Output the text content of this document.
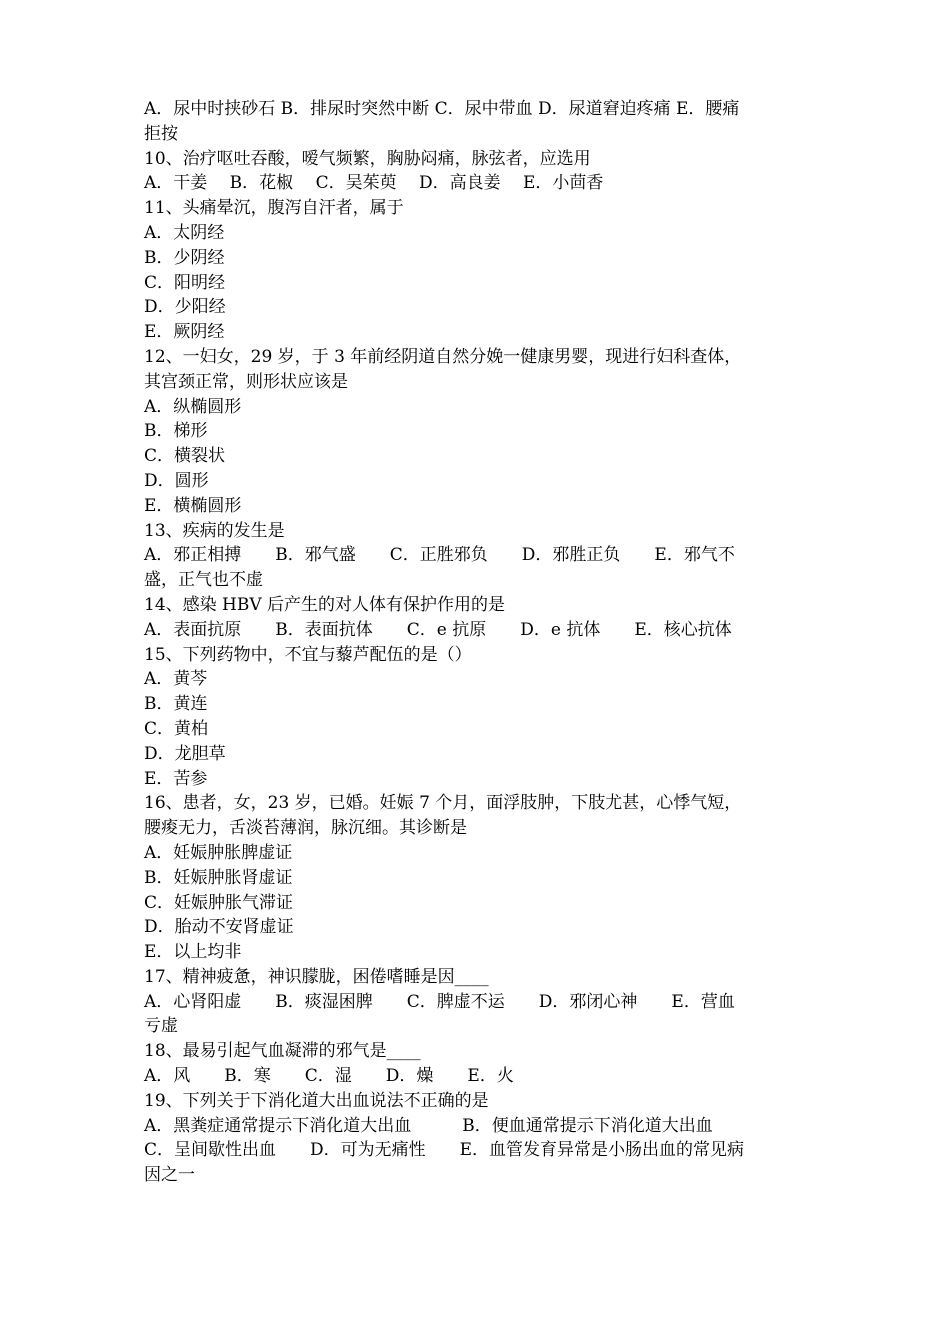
A．尿中时挟砂石 B．排尿时突然中断 C．尿中带血 D．尿道窘迫疼痛 E．腰痛
拒按
10、治疗呕吐吞酸，嗳气频繁，胸胁闷痛，脉弦者，应选用
A．干姜　 B．花椒　 C．吴茱萸　 D．高良姜　 E．小茴香
11、头痛晕沉，腹泻自汗者，属于
A．太阴经
B．少阴经
C．阳明经
D．少阳经
E．厥阴经
12、一妇女，29 岁，于 3 年前经阴道自然分娩一健康男婴，现进行妇科查体，
其宫颈正常，则形状应该是
A．纵椭圆形
B．梯形
C．横裂状
D．圆形
E．横椭圆形
13、疾病的发生是
A．邪正相搏　　B．邪气盛　　C．正胜邪负　　D．邪胜正负　　E．邪气不
盛，正气也不虚
14、感染 HBV 后产生的对人体有保护作用的是
A．表面抗原　　B．表面抗体　　C．e 抗原　　D．e 抗体　　E．核心抗体
15、下列药物中，不宜与藜芦配伍的是（）
A．黄芩
B．黄连
C．黄柏
D．龙胆草
E．苦参
16、患者，女，23 岁，已婚。妊娠 7 个月，面浮肢肿，下肢尤甚，心悸气短，
腰痠无力，舌淡苔薄润，脉沉细。其诊断是
A．妊娠肿胀脾虚证
B．妊娠肿胀肾虚证
C．妊娠肿胀气滞证
D．胎动不安肾虚证
E．以上均非
17、精神疲惫，神识朦胧，困倦嗜睡是因____
A．心肾阳虚　　B．痰湿困脾　　C．脾虚不运　　D．邪闭心神　　E．营血
亏虚
18、最易引起气血凝滞的邪气是____
A．风　　B．寒　　C．湿　　D．燥　　E．火
19、下列关于下消化道大出血说法不正确的是
A．黑粪症通常提示下消化道大出血　　　B．便血通常提示下消化道大出血
C．呈间歇性出血　　D．可为无痛性　　E．血管发育异常是小肠出血的常见病
因之一
